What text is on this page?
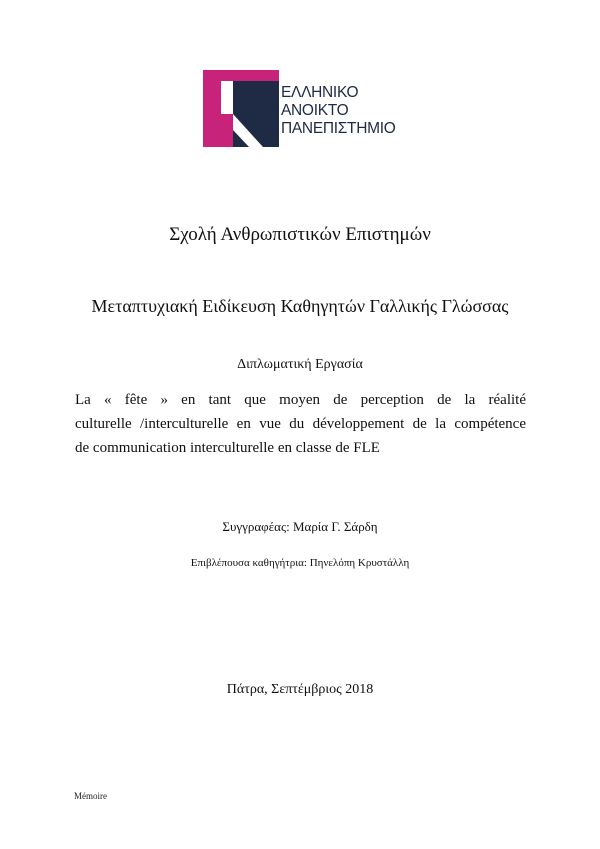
ΕΛΛΗΝΙΚΟ
ΑΝΟΙΚΤΟ
ΠΑΝΕΠΙΣΤΗΜΙΟ
Σχολή Ανθρωπιστικών Επιστημών
Μεταπτυχιακή Ειδίκευση Καθηγητών Γαλλικής Γλώσσας
Διπλωματική Εργασία
La « fête » en tant que moyen de perception de la réalité
culturelle /interculturelle en vue du développement de la compétence
de communication interculturelle en classe de FLE
Συγγραφέας: Μαρία Γ. Σάρδη
Επιβλέπουσα καθηγήτρια: Πηνελόπη Κρυστάλλη
Πάτρα, Σεπτέμβριος 2018
Mémoire
